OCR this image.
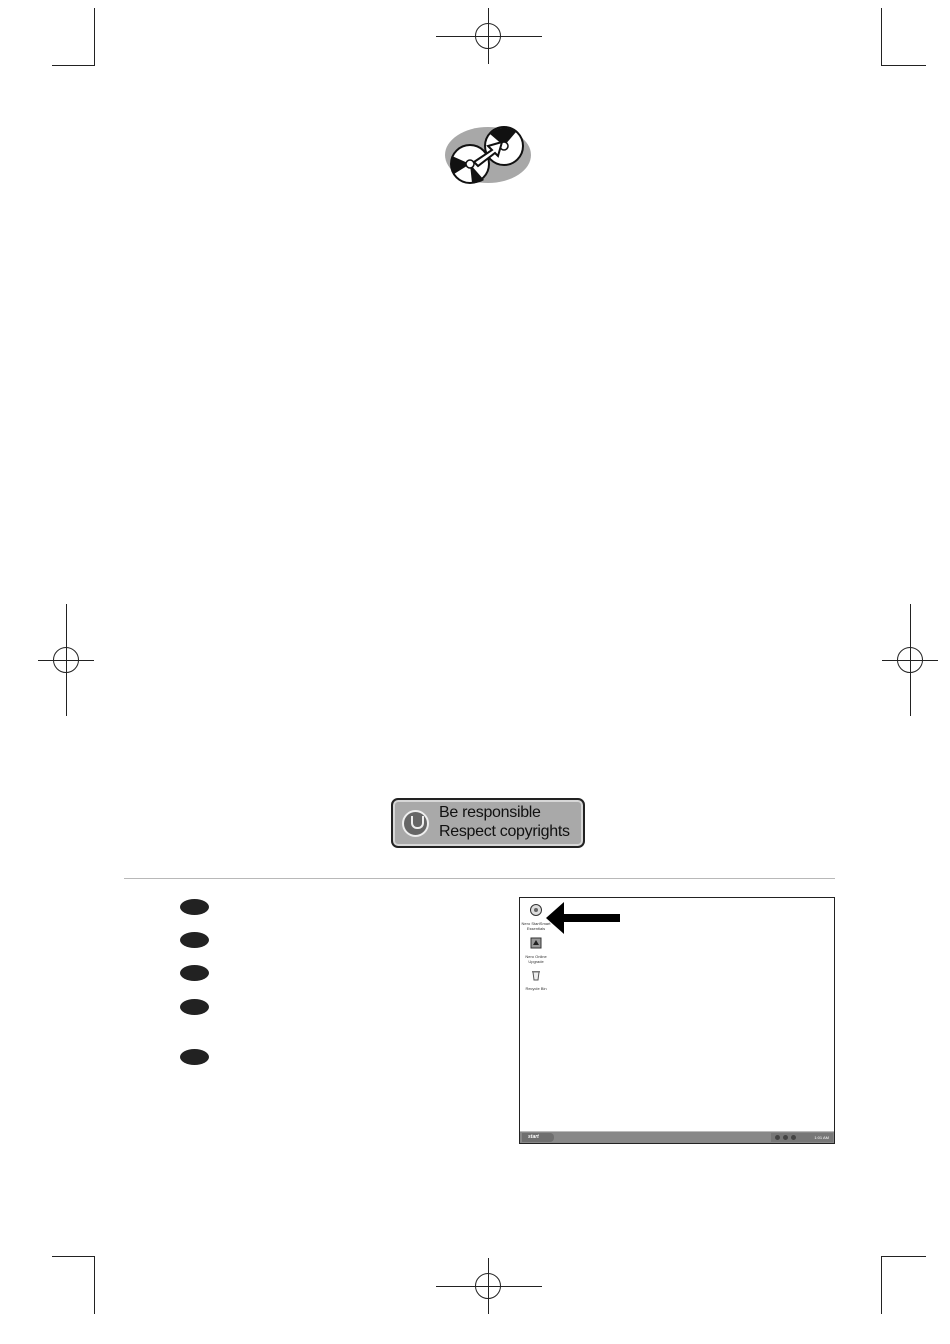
Be responsible
Respect copyrights
Nero StartSmart Essentials
Nero Online Upgrade
Recycle Bin
start	1:01 AM
